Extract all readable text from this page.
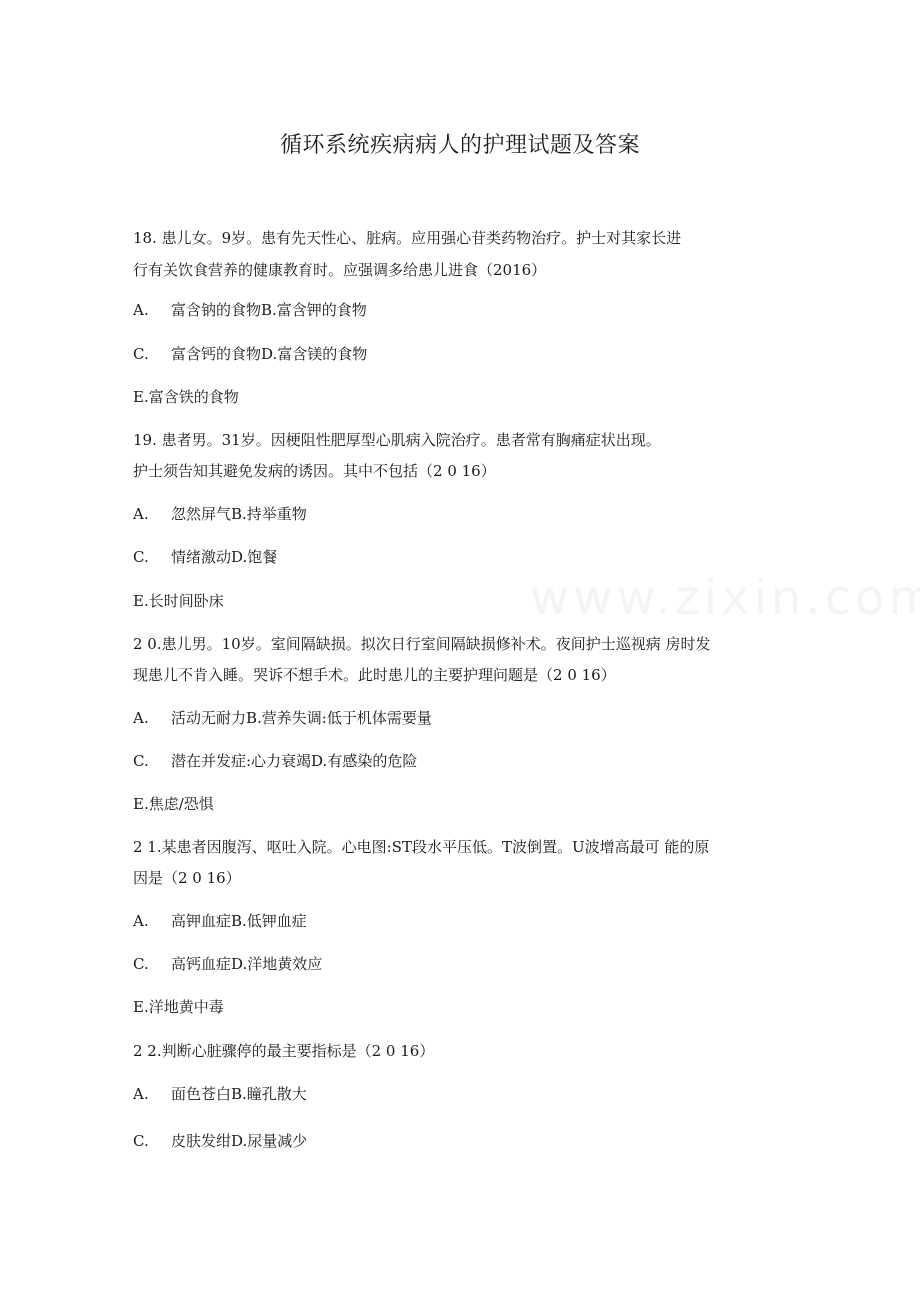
循环系统疾病病人的护理试题及答案
18. 患儿女。9岁。患有先天性心、脏病。应用强心苷类药物治疗。护士对其家长进
行有关饮食营养的健康教育时。应强调多给患儿进食（2016）
A. 富含钠的食物B.富含钾的食物
C. 富含钙的食物D.富含镁的食物
E.富含铁的食物
19. 患者男。31岁。因梗阻性肥厚型心肌病入院治疗。患者常有胸痛症状出现。
护士须告知其避免发病的诱因。其中不包括（2 0 16）
A. 忽然屏气B.持举重物
C. 情绪激动D.饱餐
E.长时间卧床
2 0.患儿男。10岁。室间隔缺损。拟次日行室间隔缺损修补术。夜间护士巡视病 房时发
现患儿不肯入睡。哭诉不想手术。此时患儿的主要护理问题是（2 0 16）
A. 活动无耐力B.营养失调:低于机体需要量
C. 潜在并发症:心力衰竭D.有感染的危险
E.焦虑/恐惧
2 1.某患者因腹泻、呕吐入院。心电图:ST段水平压低。T波倒置。U波增高最可 能的原
因是（2 0 16）
A. 高钾血症B.低钾血症
C. 高钙血症D.洋地黄效应
E.洋地黄中毒
2 2.判断心脏骤停的最主要指标是（2 0 16）
A. 面色苍白B.瞳孔散大
C. 皮肤发绀D.尿量减少
